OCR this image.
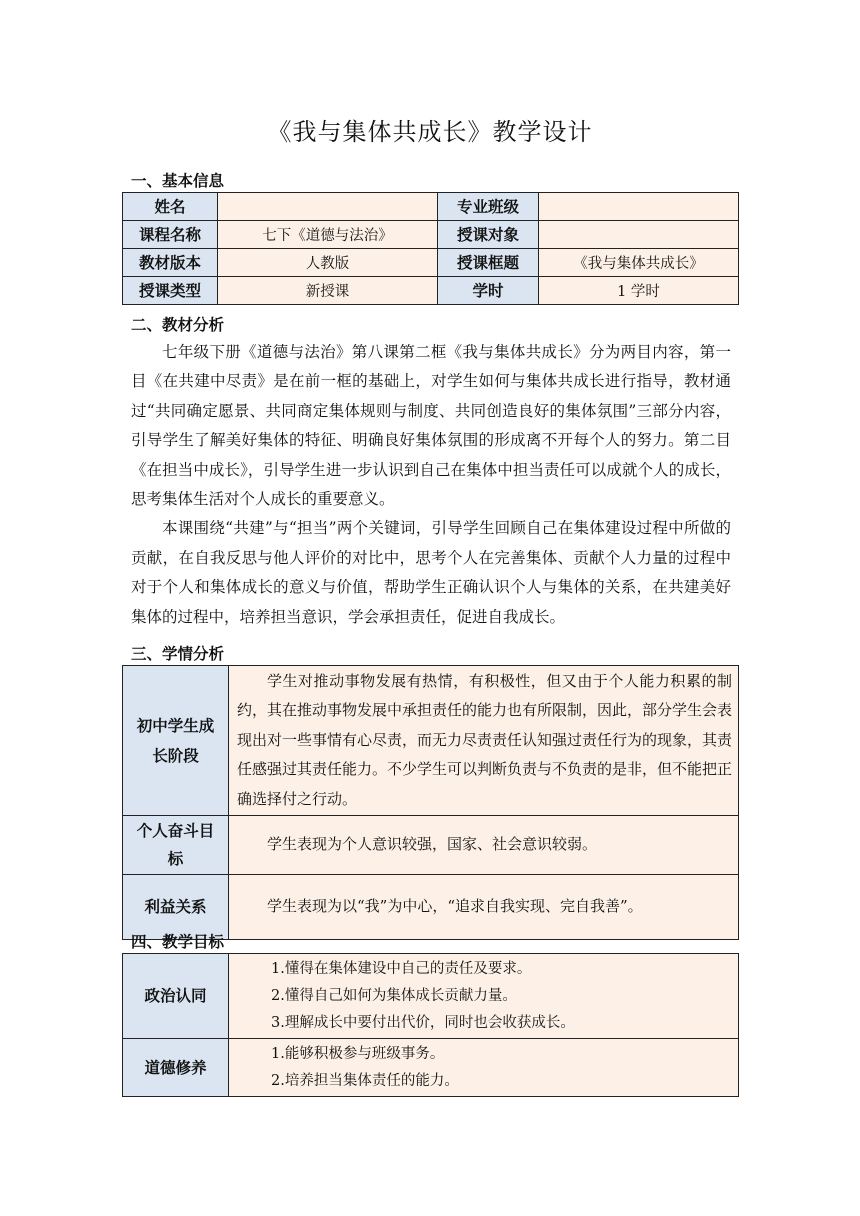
《我与集体共成长》教学设计
一、基本信息
姓名		专业班级	
课程名称	七下《道德与法治》	授课对象	
教材版本	人教版	授课框题	《我与集体共成长》
授课类型	新授课	学时	1 学时
二、教材分析

七年级下册《道德与法治》第八课第二框《我与集体共成长》分为两目内容，第一目《在共建中尽责》是在前一框的基础上，对学生如何与集体共成长进行指导，教材通过“共同确定愿景、共同商定集体规则与制度、共同创造良好的集体氛围”三部分内容，引导学生了解美好集体的特征、明确良好集体氛围的形成离不开每个人的努力。第二目《在担当中成长》，引导学生进一步认识到自己在集体中担当责任可以成就个人的成长，思考集体生活对个人成长的重要意义。

本课围绕“共建”与“担当”两个关键词，引导学生回顾自己在集体建设过程中所做的贡献，在自我反思与他人评价的对比中，思考个人在完善集体、贡献个人力量的过程中对于个人和集体成长的意义与价值，帮助学生正确认识个人与集体的关系，在共建美好集体的过程中，培养担当意识，学会承担责任，促进自我成长。

三、学情分析
初中学生成长阶段	学生对推动事物发展有热情，有积极性，但又由于个人能力积累的制约，其在推动事物发展中承担责任的能力也有所限制，因此，部分学生会表现出对一些事情有心尽责，而无力尽责责任认知强过责任行为的现象，其责任感强过其责任能力。不少学生可以判断负责与不负责的是非，但不能把正确选择付之行动。

个人奋斗目标	学生表现为个人意识较强，国家、社会意识较弱。

利益关系	学生表现为以“我”为中心，“追求自我实现、完自我善”。

四、教学目标
政治认同	1.懂得在集体建设中自己的责任及要求。
2.懂得自己如何为集体成长贡献力量。
3.理解成长中要付出代价，同时也会收获成长。

道德修养	1.能够积极参与班级事务。
2.培养担当集体责任的能力。
